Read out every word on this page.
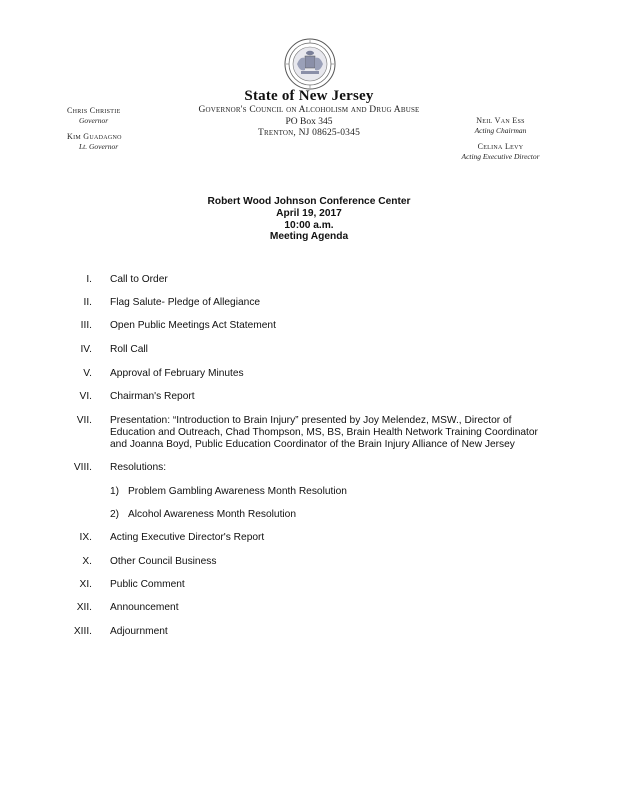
State of New Jersey
Governor's Council on Alcoholism and Drug Abuse
PO Box 345
Trenton, NJ 08625-0345
Chris Christie
Governor
Kim Guadagno
Lt. Governor
Neil Van Ess
Acting Chairman
Celina Levy
Acting Executive Director
Robert Wood Johnson Conference Center
April 19, 2017
10:00 a.m.
Meeting Agenda
I. Call to Order
II. Flag Salute- Pledge of Allegiance
III. Open Public Meetings Act Statement
IV. Roll Call
V. Approval of February Minutes
VI. Chairman's Report
VII. Presentation: “Introduction to Brain Injury” presented by Joy Melendez, MSW., Director of Education and Outreach, Chad Thompson, MS, BS, Brain Health Network Training Coordinator and Joanna Boyd, Public Education Coordinator of the Brain Injury Alliance of New Jersey
VIII. Resolutions:
1) Problem Gambling Awareness Month Resolution
2) Alcohol Awareness Month Resolution
IX. Acting Executive Director's Report
X. Other Council Business
XI. Public Comment
XII. Announcement
XIII. Adjournment
